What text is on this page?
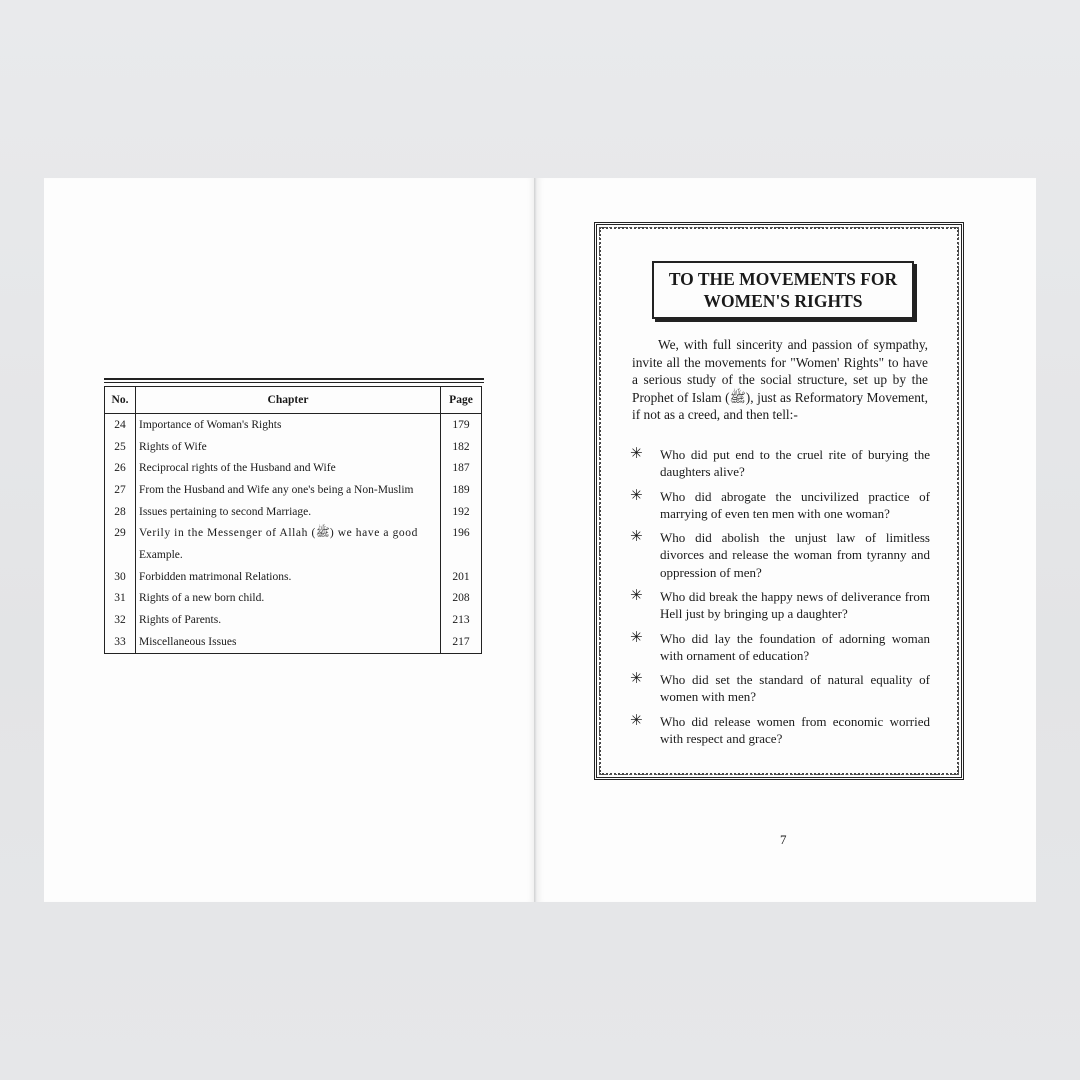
No.	Chapter	Page
24	Importance of Woman's Rights	179
25	Rights of Wife	182
26	Reciprocal rights of the Husband and Wife	187
27	From the Husband and Wife any one's being a Non-Muslim	189
28	Issues pertaining to second Marriage.	192
29	Verily in the Messenger of Allah (ﷺ) we have a good	196
	Example.	
30	Forbidden matrimonal Relations.	201
31	Rights of a new born child.	208
32	Rights of Parents.	213
33	Miscellaneous Issues	217
TO THE MOVEMENTS FOR
WOMEN'S RIGHTS

We, with full sincerity and passion of sympathy, invite all the movements for "Women' Rights" to have a serious study of the social structure, set up by the Prophet of Islam (ﷺ), just as Reformatory Movement, if not as a creed, and then tell:-

✳ Who did put end to the cruel rite of burying the daughters alive?
✳ Who did abrogate the uncivilized practice of marrying of even ten men with one woman?
✳ Who did abolish the unjust law of limitless divorces and release the woman from tyranny and oppression of men?
✳ Who did break the happy news of deliverance from Hell just by bringing up a daughter?
✳ Who did lay the foundation of adorning woman with ornament of education?
✳ Who did set the standard of natural equality of women with men?
✳ Who did release women from economic worried with respect and grace?
7
